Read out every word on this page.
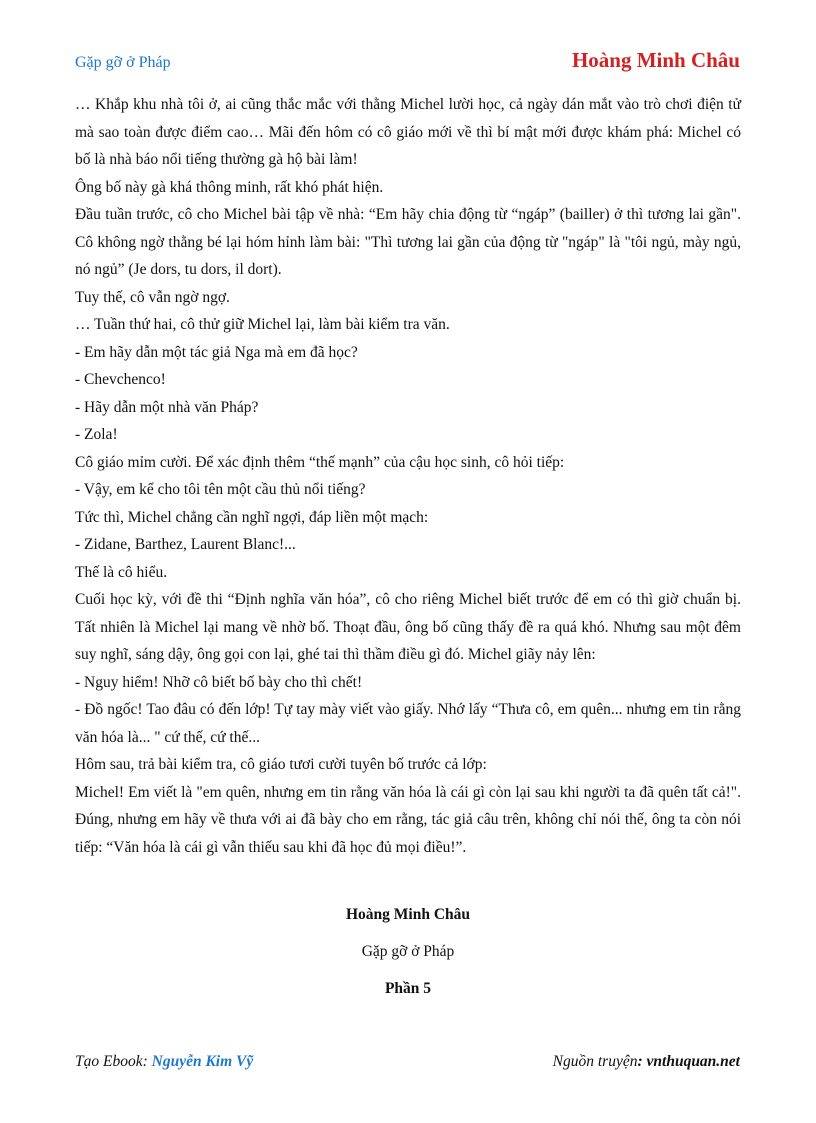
Gặp gỡ ở Pháp	Hoàng Minh Châu

… Khắp khu nhà tôi ở, ai cũng thắc mắc với thằng Michel lười học, cả ngày dán mắt vào trò chơi điện tử mà sao toàn được điểm cao… Mãi đến hôm có cô giáo mới về thì bí mật mới được khám phá: Michel có bố là nhà báo nổi tiếng thường gà hộ bài làm!

Ông bố này gà khá thông minh, rất khó phát hiện.

Đầu tuần trước, cô cho Michel bài tập về nhà: “Em hãy chia động từ “ngáp” (bailler) ở thì tương lai gần". Cô không ngờ thằng bé lại hóm hỉnh làm bài: "Thì tương lai gần của động từ "ngáp" là "tôi ngủ, mày ngủ, nó ngủ” (Je dors, tu dors, il dort).

Tuy thế, cô vẫn ngờ ngợ.

… Tuần thứ hai, cô thử giữ Michel lại, làm bài kiểm tra văn.

- Em hãy dẫn một tác giả Nga mà em đã học?

- Chevchenco!

- Hãy dẫn một nhà văn Pháp?

- Zola!

Cô giáo mỉm cười. Để xác định thêm “thế mạnh” của cậu học sinh, cô hỏi tiếp:

- Vậy, em kể cho tôi tên một cầu thủ nổi tiếng?

Tức thì, Michel chẳng cần nghĩ ngợi, đáp liền một mạch:

- Zidane, Barthez, Laurent Blanc!...

Thế là cô hiểu.

Cuối học kỳ, với đề thi “Định nghĩa văn hóa”, cô cho riêng Michel biết trước để em có thì giờ chuẩn bị. Tất nhiên là Michel lại mang về nhờ bố. Thoạt đầu, ông bố cũng thấy đề ra quá khó. Nhưng sau một đêm suy nghĩ, sáng dậy, ông gọi con lại, ghé tai thì thầm điều gì đó. Michel giãy nảy lên:

- Nguy hiểm! Nhỡ cô biết bố bày cho thì chết!

- Đồ ngốc! Tao đâu có đến lớp! Tự tay mày viết vào giấy. Nhớ lấy “Thưa cô, em quên... nhưng em tin rằng văn hóa là... " cứ thế, cứ thế...

Hôm sau, trả bài kiểm tra, cô giáo tươi cười tuyên bố trước cả lớp:

Michel! Em viết là "em quên, nhưng em tin rằng văn hóa là cái gì còn lại sau khi người ta đã quên tất cả!". Đúng, nhưng em hãy về thưa với ai đã bày cho em rằng, tác giả câu trên, không chỉ nói thế, ông ta còn nói tiếp: “Văn hóa là cái gì vẫn thiếu sau khi đã học đủ mọi điều!”.

Hoàng Minh Châu
Gặp gỡ ở Pháp
Phần 5
Tạo Ebook: Nguyễn Kim Vỹ	Nguồn truyện: vnthuquan.net
